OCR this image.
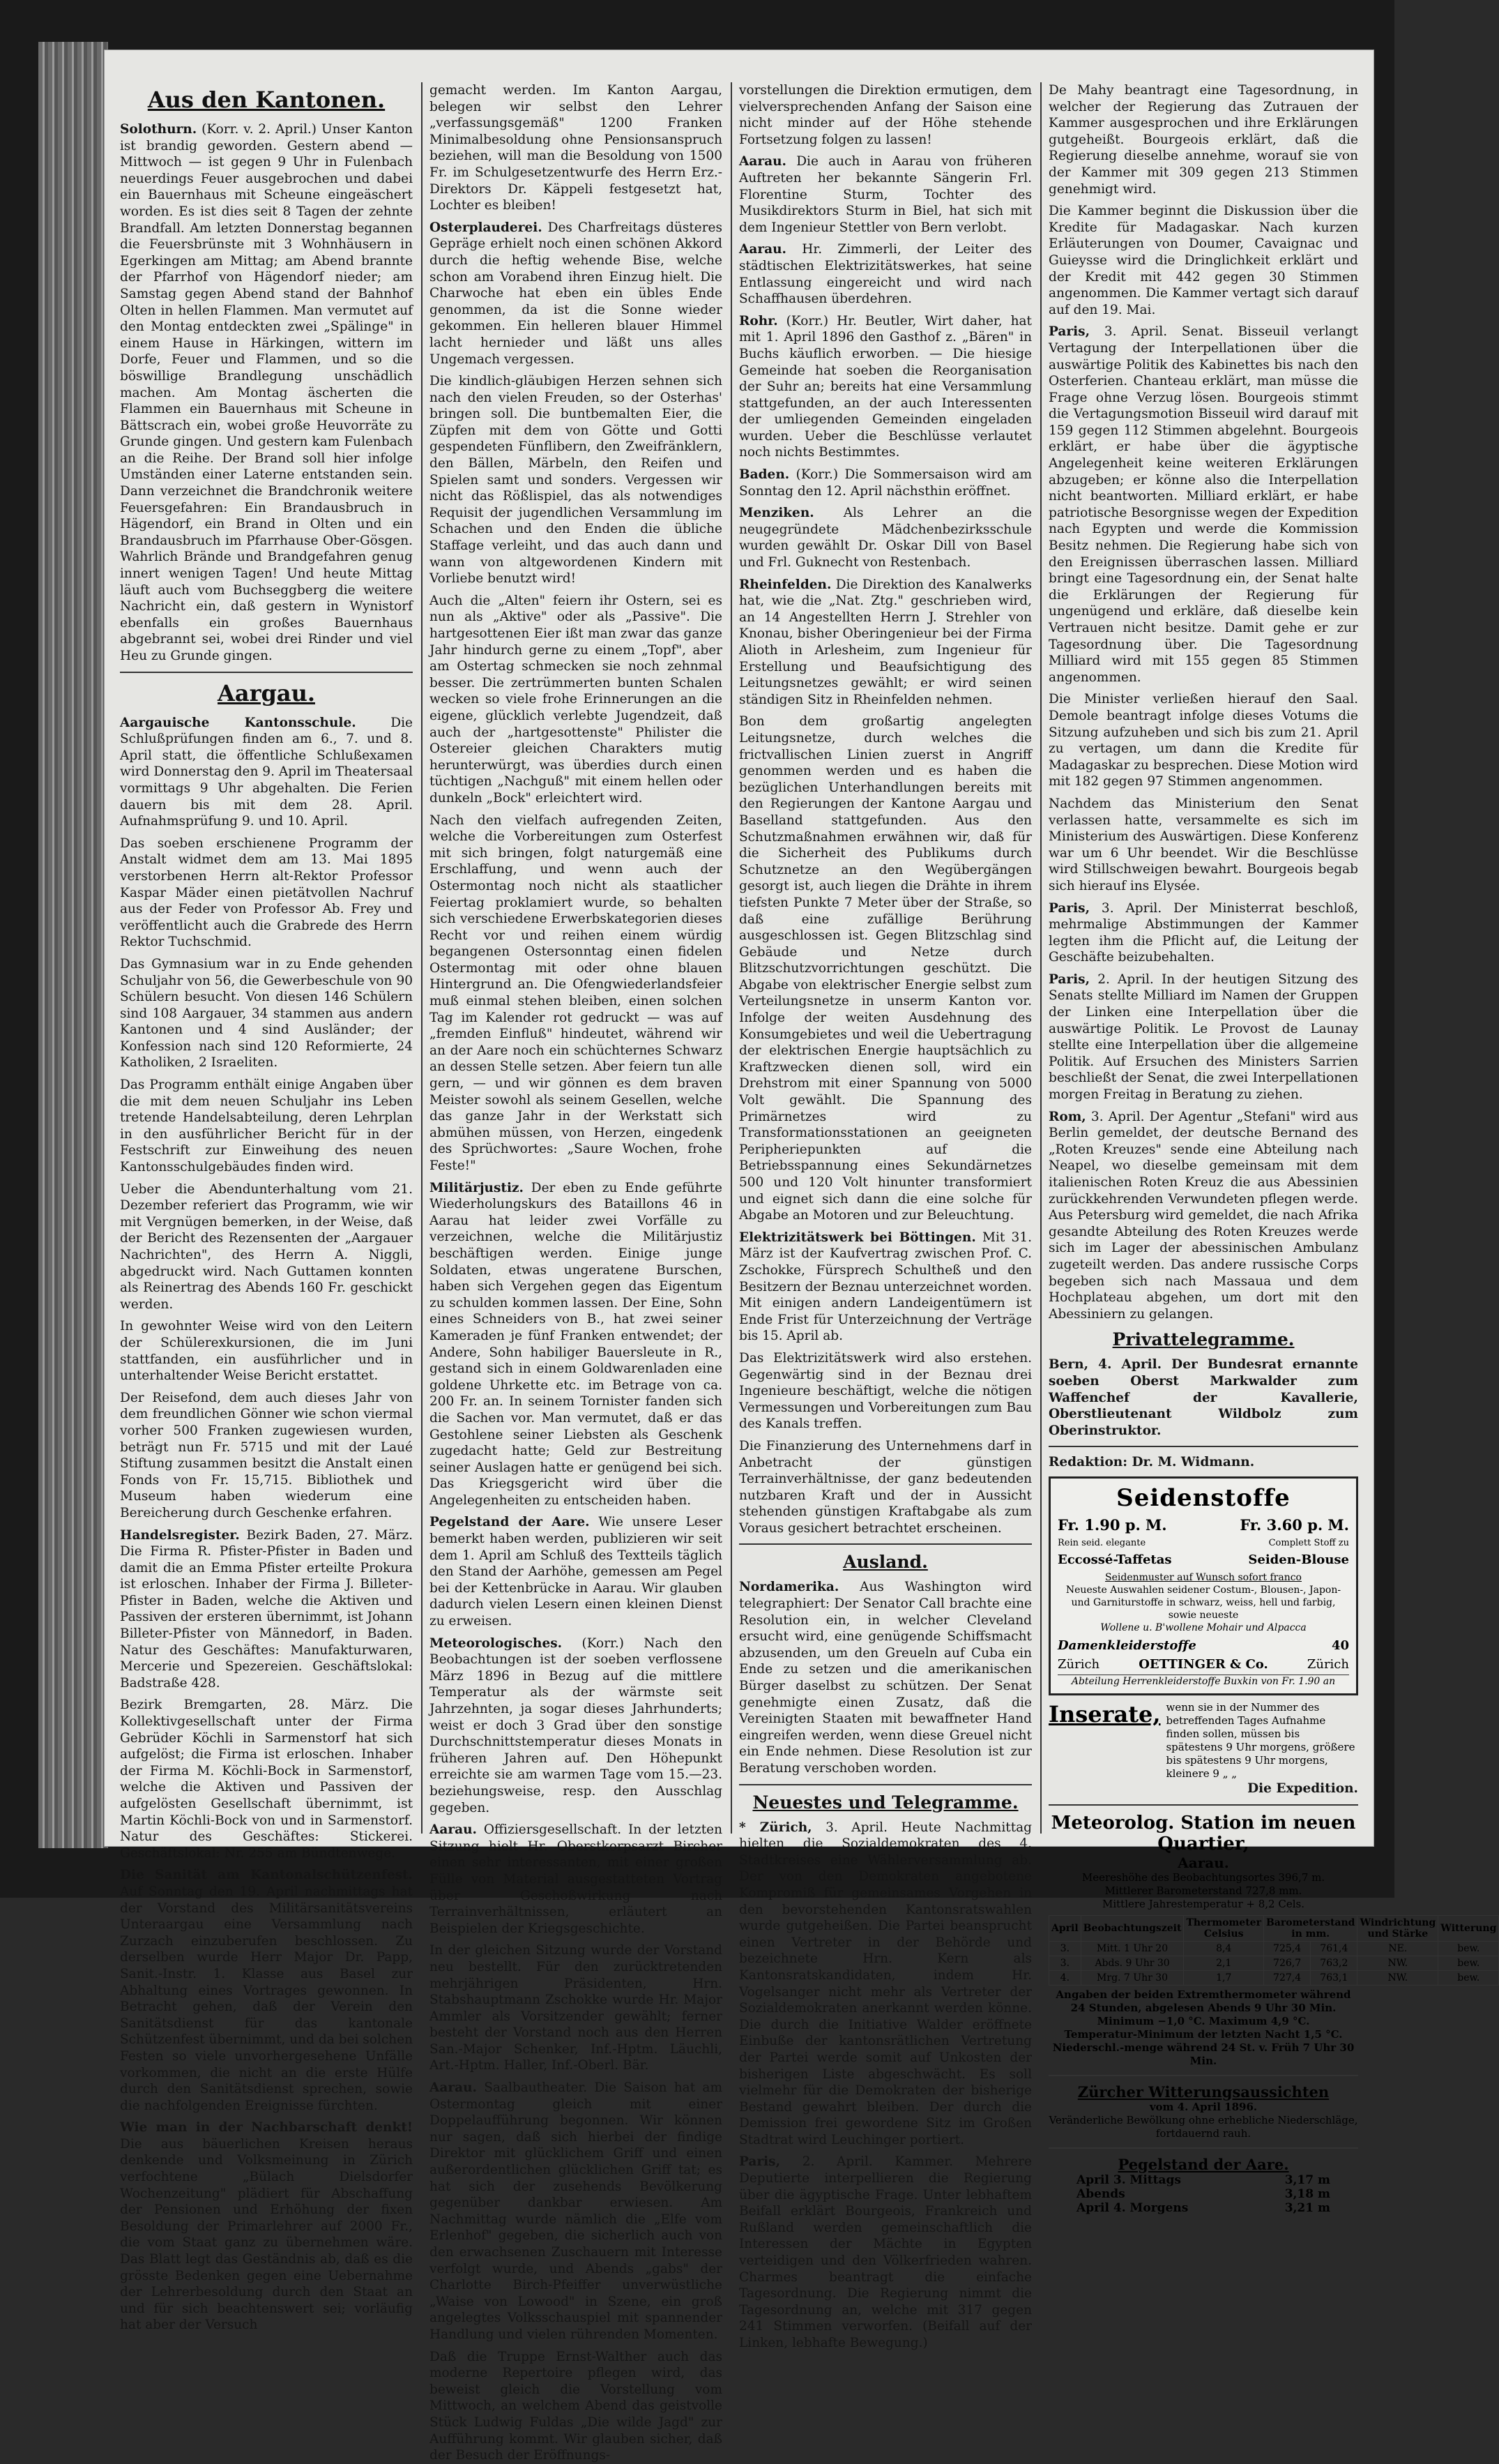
Aus den Kantonen.

Solothurn. (Korr. v. 2. April.) Unser Kanton ist brandig geworden. Gestern abend — Mittwoch — ist gegen 9 Uhr in Fulenbach neuerdings Feuer ausgebrochen und dabei ein Bauernhaus mit Scheune eingeäschert worden. Es ist dies seit 8 Tagen der zehnte Brandfall. Am letzten Donnerstag begannen die Feuersbrünste mit 3 Wohnhäusern in Egerkingen am Mittag; am Abend brannte der Pfarrhof von Hägendorf nieder; am Samstag gegen Abend stand der Bahnhof Olten in hellen Flammen. Man vermutet auf den Montag entdeckten zwei „Spälinge" in einem Hause in Härkingen, wittern im Dorfe, Feuer und Flammen, und so die böswillige Brandlegung unschädlich machen. Am Montag äscherten die Flammen ein Bauernhaus mit Scheune in Bättscrach ein, wobei große Heuvorräte zu Grunde gingen. Und gestern kam Fulenbach an die Reihe. Der Brand soll hier infolge Umständen einer Laterne entstanden sein. Dann verzeichnet die Brandchronik weitere Feuersgefahren: Ein Brandausbruch in Hägendorf, ein Brand in Olten und ein Brandausbruch im Pfarrhause Ober-Gösgen. Wahrlich Brände und Brandgefahren genug innert wenigen Tagen! Und heute Mittag läuft auch vom Buchseggberg die weitere Nachricht ein, daß gestern in Wynistorf ebenfalls ein großes Bauernhaus abgebrannt sei, wobei drei Rinder und viel Heu zu Grunde gingen.

Aargau.

Aargauische Kantonsschule.	Die Schlußprüfungen finden am 6., 7. und 8. April statt, die öffentliche Schlußexamen wird Donnerstag den 9. April im Theatersaal vormittags 9 Uhr abgehalten. Die Ferien dauern bis mit dem 28. April. Aufnahmsprüfung 9. und 10. April.

Das soeben erschienene Programm der Anstalt widmet dem am 13. Mai 1895 verstorbenen Herrn alt-Rektor Professor Kaspar Mäder einen pietätvollen Nachruf aus der Feder von Professor Ab. Frey und veröffentlicht auch die Grabrede des Herrn Rektor Tuchschmid.

Das Gymnasium war in zu Ende gehenden Schuljahr von 56, die Gewerbeschule von 90 Schülern besucht. Von diesen 146 Schülern sind 108 Aargauer, 34 stammen aus andern Kantonen und 4 sind Ausländer; der Konfession nach sind 120 Reformierte, 24 Katholiken, 2 Israeliten.

Das Programm enthält einige Angaben über die mit dem neuen Schuljahr ins Leben tretende Handelsabteilung, deren Lehrplan in den ausführlicher Bericht für in der Festschrift zur Einweihung des neuen Kantonsschulgebäudes finden wird.

Ueber die Abendunterhaltung vom 21. Dezember referiert das Programm, wie wir mit Vergnügen bemerken, in der Weise, daß der Bericht des Rezensenten der „Aargauer Nachrichten", des Herrn A. Niggli, abgedruckt wird. Nach Guttamen konnten als Reinertrag des Abends 160 Fr. geschickt werden.

In gewohnter Weise wird von den Leitern der Schülerexkursionen, die im Juni stattfanden, ein ausführlicher und in unterhaltender Weise Bericht erstattet.

Der Reisefond, dem auch dieses Jahr von dem freundlichen Gönner wie schon viermal vorher 500 Franken zugewiesen wurden, beträgt nun Fr. 5715 und mit der Laué Stiftung zusammen besitzt die Anstalt einen Fonds von Fr. 15,715. Bibliothek und Museum haben wiederum eine Bereicherung durch Geschenke erfahren.

Handelsregister. Bezirk Baden, 27. März. Die Firma R. Pfister-Pfister in Baden und damit die an Emma Pfister erteilte Prokura ist erloschen. Inhaber der Firma J. Billeter-Pfister in Baden, welche die Aktiven und Passiven der ersteren übernimmt, ist Johann Billeter-Pfister von Männedorf, in Baden. Natur des Geschäftes: Manufakturwaren, Mercerie und Spezereien. Geschäftslokal: Badstraße 428.

Bezirk Bremgarten, 28. März. Die Kollektivgesellschaft unter der Firma Gebrüder Köchli in Sarmenstorf hat sich aufgelöst; die Firma ist erloschen. Inhaber der Firma M. Köchli-Bock in Sarmenstorf, welche die Aktiven und Passiven der aufgelösten Gesellschaft übernimmt, ist Martin Köchli-Bock von und in Sarmenstorf. Natur des Geschäftes: Stickerei. Geschäftslokal: Nr. 255 am Bündtenwege.

Die Sanität am Kantonalschützenfest. Auf Sonntag den 19. April nachmittags hat der Vorstand des Militärsanitätsvereins Unteraargau eine Versammlung nach Zurzach einzuberufen beschlossen. Zu derselben wurde Herr Major Dr. Papp, Sanit.-Instr. 1. Klasse aus Basel zur Abhaltung eines Vortrages gewonnen. In Betracht gehen, daß der Verein den Sanitätsdienst für das kantonale Schützenfest übernimmt, und da bei solchen Festen so viele unvorhergesehene Unfälle vorkommen, die nicht an die erste Hülfe durch den Sanitätsdienst sprechen, sowie die nachfolgenden Ereignisse fürchten.

Wie man in der Nachbarschaft denkt! Die aus bäuerlichen Kreisen heraus denkende und Volksmeinung in Zürich verfochtene „Bülach Dielsdorfer Wochenzeitung" plädiert für Abschaffung der Pensionen und Erhöhung der fixen Besoldung der Primarlehrer auf 2000 Fr., die vom Staat ganz zu übernehmen wäre. Das Blatt legt das Geständnis ab, daß es die grösste Bedenken gegen eine Uebernahme der Lehrerbesoldung durch den Staat an und für sich beachtenswert sei; vorläufig hat aber der Versuch

gemacht werden. Im Kanton Aargau, belegen wir selbst den Lehrer „verfassungsgemäß" 1200 Franken Minimalbesoldung ohne Pensionsanspruch beziehen, will man die Besoldung von 1500 Fr. im Schulgesetzentwurfe des Herrn Erz.-Direktors Dr. Käppeli festgesetzt hat, Lochter es bleiben!

Osterplauderei. Des Charfreitags düsteres Gepräge erhielt noch einen schönen Akkord durch die heftig wehende Bise, welche schon am Vorabend ihren Einzug hielt. Die Charwoche hat eben ein übles Ende genommen, da ist die Sonne wieder gekommen. Ein helleren blauer Himmel lacht hernieder und läßt uns alles Ungemach vergessen.

Die kindlich-gläubigen Herzen sehnen sich nach den vielen Freuden, so der Osterhas' bringen soll. Die buntbemalten Eier, die Züpfen mit dem von Götte und Gotti gespendeten Fünflibern, den Zweifränklern, den Bällen, Märbeln, den Reifen und Spielen samt und sonders. Vergessen wir nicht das Rößlispiel, das als notwendiges Requisit der jugendlichen Versammlung im Schachen und den Enden die übliche Staffage verleiht, und das auch dann und wann von altgewordenen Kindern mit Vorliebe benutzt wird!

Auch die „Alten" feiern ihr Ostern, sei es nun als „Aktive" oder als „Passive". Die hartgesottenen Eier ißt man zwar das ganze Jahr hindurch gerne zu einem „Topf", aber am Ostertag schmecken sie noch zehnmal besser. Die zertrümmerten bunten Schalen wecken so viele frohe Erinnerungen an die eigene, glücklich verlebte Jugendzeit, daß auch der „hartgesottenste" Philister die Ostereier gleichen Charakters mutig herunterwürgt, was überdies durch einen tüchtigen „Nachguß" mit einem hellen oder dunkeln „Bock" erleichtert wird.

Nach den vielfach aufregenden Zeiten, welche die Vorbereitungen zum Osterfest mit sich bringen, folgt naturgemäß eine Erschlaffung, und wenn auch der Ostermontag noch nicht als staatlicher Feiertag proklamiert wurde, so behalten sich verschiedene Erwerbskategorien dieses Recht vor und reihen einem würdig begangenen Ostersonntag einen fidelen Ostermontag mit oder ohne blauen Hintergrund an. Die Ofengwiederlandsfeier muß einmal stehen bleiben, einen solchen Tag im Kalender rot gedruckt — was auf „fremden Einfluß" hindeutet, während wir an der Aare noch ein schüchternes Schwarz an dessen Stelle setzen. Aber feiern tun alle gern, — und wir gönnen es dem braven Meister sowohl als seinem Gesellen, welche das ganze Jahr in der Werkstatt sich abmühen müssen, von Herzen, eingedenk des Sprüchwortes: „Saure Wochen, frohe Feste!"

Militärjustiz. Der eben zu Ende geführte Wiederholungskurs des Bataillons 46 in Aarau hat leider zwei Vorfälle zu verzeichnen, welche die Militärjustiz beschäftigen werden. Einige junge Soldaten, etwas ungeratene Burschen, haben sich Vergehen gegen das Eigentum zu schulden kommen lassen. Der Eine, Sohn eines Schneiders von B., hat zwei seiner Kameraden je fünf Franken entwendet; der Andere, Sohn habiliger Bauersleute in R., gestand sich in einem Goldwarenladen eine goldene Uhrkette etc. im Betrage von ca. 200 Fr. an. In seinem Tornister fanden sich die Sachen vor. Man vermutet, daß er das Gestohlene seiner Liebsten als Geschenk zugedacht hatte; Geld zur Bestreitung seiner Auslagen hatte er genügend bei sich. Das Kriegsgericht wird über die Angelegenheiten zu entscheiden haben.

Pegelstand der Aare. Wie unsere Leser bemerkt haben werden, publizieren wir seit dem 1. April am Schluß des Textteils täglich den Stand der Aarhöhe, gemessen am Pegel bei der Kettenbrücke in Aarau. Wir glauben dadurch vielen Lesern einen kleinen Dienst zu erweisen.

Meteorologisches. (Korr.) Nach den Beobachtungen ist der soeben verflossene März 1896 in Bezug auf die mittlere Temperatur als der wärmste seit Jahrzehnten, ja sogar dieses Jahrhunderts; weist er doch 3 Grad über den sonstige Durchschnittstemperatur dieses Monats in früheren Jahren auf. Den Höhepunkt erreichte sie am warmen Tage vom 15.—23. beziehungsweise, resp. den Ausschlag gegeben.

Aarau. Offiziersgesellschaft. In der letzten Sitzung hielt Hr. Oberstkorpsarzt Bircher einen sehr interessanten, mit einer großen Fülle von Material ausgestatteten Vortrag über Geschoßwirkung nach Terrainverhältnissen, erläutert an Beispielen der Kriegsgeschichte.

In der gleichen Sitzung wurde der Vorstand neu bestellt. Für den zurücktretenden mehrjährigen Präsidenten, Hrn. Stabshauptmann Zschokke wurde Hr. Major Ammler als Vorsitzender gewählt; ferner besteht der Vorstand noch aus den Herren San.-Major Schenker, Inf.-Hptm. Läuchli, Art.-Hptm. Haller, Inf.-Oberl. Bär.

Aarau. Saalbautheater. Die Saison hat am Ostermontag gleich mit einer Doppelaufführung begonnen. Wir können nur sagen, daß sich hierbei der findige Direktor mit glücklichem Griff und einen außerordentlichen glücklichen Griff tat; es hat sich der zusehends Bevölkerung gegenüber dankbar erwiesen. Am Nachmittag wurde nämlich die „Elfe vom Erlenhof" gegeben, die sicherlich auch von den erwachsenen Zuschauern mit Interesse verfolgt wurde, und Abends „gabs" der Charlotte Birch-Pfeiffer unverwüstliche „Waise von Lowood" in Szene, ein groß angelegtes Volksschauspiel mit spannender Handlung und vielen rührenden Momenten.

Daß die Truppe Ernst-Walther auch das moderne Repertoire pflegen wird, das beweist gleich die Vorstellung vom Mittwoch, an welchem Abend das geistvolle Stück Ludwig Fuldas „Die wilde Jagd" zur Aufführung kommt. Wir glauben sicher, daß der Besuch der Eröffnungs-

vorstellungen die Direktion ermutigen, dem vielversprechenden Anfang der Saison eine nicht minder auf der Höhe stehende Fortsetzung folgen zu lassen!

Aarau. Die auch in Aarau von früheren Auftreten her bekannte Sängerin Frl. Florentine Sturm, Tochter des Musikdirektors Sturm in Biel, hat sich mit dem Ingenieur Stettler von Bern verlobt.

Aarau. Hr. Zimmerli, der Leiter des städtischen Elektrizitätswerkes, hat seine Entlassung eingereicht und wird nach Schaffhausen überdehren.

Rohr. (Korr.) Hr. Beutler, Wirt daher, hat mit 1. April 1896 den Gasthof z. „Bären" in Buchs käuflich erworben. — Die hiesige Gemeinde hat soeben die Reorganisation der Suhr an; bereits hat eine Versammlung stattgefunden, an der auch Interessenten der umliegenden Gemeinden eingeladen wurden. Ueber die Beschlüsse verlautet noch nichts Bestimmtes.

Baden. (Korr.) Die Sommersaison wird am Sonntag den 12. April nächsthin eröffnet.

Menziken. Als Lehrer an die neugegründete Mädchenbezirksschule wurden gewählt Dr. Oskar Dill von Basel und Frl. Guknecht von Restenbach.

Rheinfelden. Die Direktion des Kanalwerks hat, wie die „Nat. Ztg." geschrieben wird, an 14 Angestellten Herrn J. Strehler von Knonau, bisher Oberingenieur bei der Firma Alioth in Arlesheim, zum Ingenieur für Erstellung und Beaufsichtigung des Leitungsnetzes gewählt; er wird seinen ständigen Sitz in Rheinfelden nehmen.

Bon dem großartig angelegten Leitungsnetze, durch welches die frictvallischen Linien zuerst in Angriff genommen werden und es haben die bezüglichen Unterhandlungen bereits mit den Regierungen der Kantone Aargau und Baselland stattgefunden. Aus den Schutzmaßnahmen erwähnen wir, daß für die Sicherheit des Publikums durch Schutznetze an den Wegübergängen gesorgt ist, auch liegen die Drähte in ihrem tiefsten Punkte 7 Meter über der Straße, so daß eine zufällige Berührung ausgeschlossen ist. Gegen Blitzschlag sind Gebäude und Netze durch Blitzschutzvorrichtungen geschützt. Die Abgabe von elektrischer Energie selbst zum Verteilungsnetze in unserm Kanton vor. Infolge der weiten Ausdehnung des Konsumgebietes und weil die Uebertragung der elektrischen Energie hauptsächlich zu Kraftzwecken dienen soll, wird ein Drehstrom mit einer Spannung von 5000 Volt gewählt. Die Spannung des Primärnetzes wird zu Transformationsstationen an geeigneten Peripheriepunkten auf die Betriebsspannung eines Sekundärnetzes 500 und 120 Volt hinunter transformiert und eignet sich dann die eine solche für Abgabe an Motoren und zur Beleuchtung.

Elektrizitätswerk bei Böttingen. Mit 31. März ist der Kaufvertrag zwischen Prof. C. Zschokke, Fürsprech Schultheß und den Besitzern der Beznau unterzeichnet worden. Mit einigen andern Landeigentümern ist Ende Frist für Unterzeichnung der Verträge bis 15. April ab.

Das Elektrizitätswerk wird also erstehen. Gegenwärtig sind in der Beznau drei Ingenieure beschäftigt, welche die nötigen Vermessungen und Vorbereitungen zum Bau des Kanals treffen.

Die Finanzierung des Unternehmens darf in Anbetracht der günstigen Terrainverhältnisse, der ganz bedeutenden nutzbaren Kraft und der in Aussicht stehenden günstigen Kraftabgabe als zum Voraus gesichert betrachtet erscheinen.

Ausland.

Nordamerika. Aus Washington wird telegraphiert: Der Senator Call brachte eine Resolution ein, in welcher Cleveland ersucht wird, eine genügende Schiffsmacht abzusenden, um den Greueln auf Cuba ein Ende zu setzen und die amerikanischen Bürger daselbst zu schützen. Der Senat genehmigte einen Zusatz, daß die Vereinigten Staaten mit bewaffneter Hand eingreifen werden, wenn diese Greuel nicht ein Ende nehmen. Diese Resolution ist zur Beratung verschoben worden.

Neuestes und Telegramme.

* Zürich, 3. April. Heute Nachmittag hielten die Sozialdemokraten des 4. Stadtkreises eine Wählerversammlung ab. Der von den Demokraten angebotene Kompromiß für gemeinsames Vorgehen in den bevorstehenden Kantonsratswahlen wurde gutgeheißen. Die Partei beansprucht einen Vertreter in der Behörde und bezeichnete Hrn. Kern als Kantonsratskandidaten, indem Hr. Vogelsanger nicht mehr als Vertreter der Sozialdemokraten anerkannt werden könne. Die durch die Initiative Walder eröffnete Einbuße der kantonsrätlichen Vertretung der Partei werde somit auf Unkosten der bisherigen Liste abgeschwächt. Es soll vielmehr für die Demokraten der bisherige Bestand gewahrt bleiben. Der durch die Demission frei gewordene Sitz im Großen Stadtrat wird Leuchinger portiert.

Paris, 2. April. Kammer. Mehrere Deputierte interpellieren die Regierung über die ägyptische Frage. Unter lebhaftem Beifall erklärt Bourgeois, Frankreich und Rußland werden gemeinschaftlich die Interessen der Mächte in Egypten verteidigen und den Völkerfrieden wahren. Charmes beantragt die einfache Tagesordnung. Die Regierung nimmt die Tagesordnung an, welche mit 317 gegen 241 Stimmen verworfen. (Beifall auf der Linken, lebhafte Bewegung.)

De Mahy beantragt eine Tagesordnung, in welcher der Regierung das Zutrauen der Kammer ausgesprochen und ihre Erklärungen gutgeheißt. Bourgeois erklärt, daß die Regierung dieselbe annehme, worauf sie von der Kammer mit 309 gegen 213 Stimmen genehmigt wird.

Die Kammer beginnt die Diskussion über die Kredite für Madagaskar. Nach kurzen Erläuterungen von Doumer, Cavaignac und Guieysse wird die Dringlichkeit erklärt und der Kredit mit 442 gegen 30 Stimmen angenommen. Die Kammer vertagt sich darauf auf den 19. Mai.

Paris, 3. April. Senat. Bisseuil verlangt Vertagung der Interpellationen über die auswärtige Politik des Kabinettes bis nach den Osterferien. Chanteau erklärt, man müsse die Frage ohne Verzug lösen. Bourgeois stimmt die Vertagungsmotion Bisseuil wird darauf mit 159 gegen 112 Stimmen abgelehnt. Bourgeois erklärt, er habe über die ägyptische Angelegenheit keine weiteren Erklärungen abzugeben; er könne also die Interpellation nicht beantworten. Milliard erklärt, er habe patriotische Besorgnisse wegen der Expedition nach Egypten und werde die Kommission Besitz nehmen. Die Regierung habe sich von den Ereignissen überraschen lassen. Milliard bringt eine Tagesordnung ein, der Senat halte die Erklärungen der Regierung für ungenügend und erkläre, daß dieselbe kein Vertrauen nicht besitze. Damit gehe er zur Tagesordnung über. Die Tagesordnung Milliard wird mit 155 gegen 85 Stimmen angenommen.

Die Minister verließen hierauf den Saal. Demole beantragt infolge dieses Votums die Sitzung aufzuheben und sich bis zum 21. April zu vertagen, um dann die Kredite für Madagaskar zu besprechen. Diese Motion wird mit 182 gegen 97 Stimmen angenommen.

Nachdem das Ministerium den Senat verlassen hatte, versammelte es sich im Ministerium des Auswärtigen. Diese Konferenz war um 6 Uhr beendet. Wir die Beschlüsse wird Stillschweigen bewahrt. Bourgeois begab sich hierauf ins Elysée.

Paris, 3. April. Der Ministerrat beschloß, mehrmalige Abstimmungen der Kammer legten ihm die Pflicht auf, die Leitung der Geschäfte beizubehalten.

Paris, 2. April. In der heutigen Sitzung des Senats stellte Milliard im Namen der Gruppen der Linken eine Interpellation über die auswärtige Politik. Le Provost de Launay stellte eine Interpellation über die allgemeine Politik. Auf Ersuchen des Ministers Sarrien beschließt der Senat, die zwei Interpellationen morgen Freitag in Beratung zu ziehen.

Rom, 3. April. Der Agentur „Stefani" wird aus Berlin gemeldet, der deutsche Bernand des „Roten Kreuzes" sende eine Abteilung nach Neapel, wo dieselbe gemeinsam mit dem italienischen Roten Kreuz die aus Abessinien zurückkehrenden Verwundeten pflegen werde. Aus Petersburg wird gemeldet, die nach Afrika gesandte Abteilung des Roten Kreuzes werde sich im Lager der abessinischen Ambulanz zugeteilt werden. Das andere russische Corps begeben sich nach Massaua und dem Hochplateau abgehen, um dort mit den Abessiniern zu gelangen.

Privattelegramme.

Bern, 4. April. Der Bundesrat ernannte soeben Oberst Markwalder zum Waffenchef der Kavallerie, Oberstlieutenant Wildbolz zum Oberinstruktor.

Redaktion: Dr. M. Widmann.

Seidenstoffe
Fr. 1.90 p. M.	Fr. 3.60 p. M.
Rein seid. elegante	Complett Stoff zu
Eccossé-Taffetas	Seiden-Blouse
Seidenmuster auf Wunsch sofort franco
Neueste Auswahlen seidener Costum-, Blousen-, Japon- und Garniturstoffe in schwarz, weiss, hell und farbig, sowie neueste
Wollene u. B'wollene Mohair und Alpacca
Damenkleiderstoffe	40
Zürich	OETTINGER & Co.	Zürich
Abteilung Herrenkleiderstoffe Buxkin von Fr. 1.90 an
Inserate, wenn sie in der Nummer des betreffenden Tages Aufnahme finden sollen, müssen bis spätestens 9 Uhr morgens, größere bis spätestens 9 Uhr morgens, kleinere 9 „ „

Die Expedition.

Meteorolog. Station im neuen Quartier,
Aarau.
Meereshöhe des Beobachtungsortes 396,7 m.
Mittlerer Barometerstand 727,8 mm.
Mittlere Jahrestemperatur + 8,2 Cels.
April	Beobachtungszeit	Thermometer Celsius	Barometerstand in mm.		Windrichtung und Stärke	Witterung
3.	Mitt. 1 Uhr 20	8,4	725,4	761,4	NE.	bew.
3.	Abds. 9 Uhr 30	2,1	726,7	763,2	NW.	bew.
4.	Mrg. 7 Uhr 30	1,7	727,4	763,1	NW.	bew.
Angaben der beiden Extremthermometer während 24 Stunden, abgelesen Abends 9 Uhr 30 Min.
Minimum −1,0 °C. Maximum 4,9 °C.
Temperatur-Minimum der letzten Nacht 1,5 °C.
Niederschl.-menge während 24 St. v. Früh 7 Uhr 30 Min.
Zürcher Witterungsaussichten
vom 4. April 1896.
Veränderliche Bewölkung ohne erhebliche Niederschläge, fortdauernd rauh.
Pegelstand der Aare.
April 3. Mittags	3,17 m
Abends	3,18 m
April 4. Morgens	3,21 m
